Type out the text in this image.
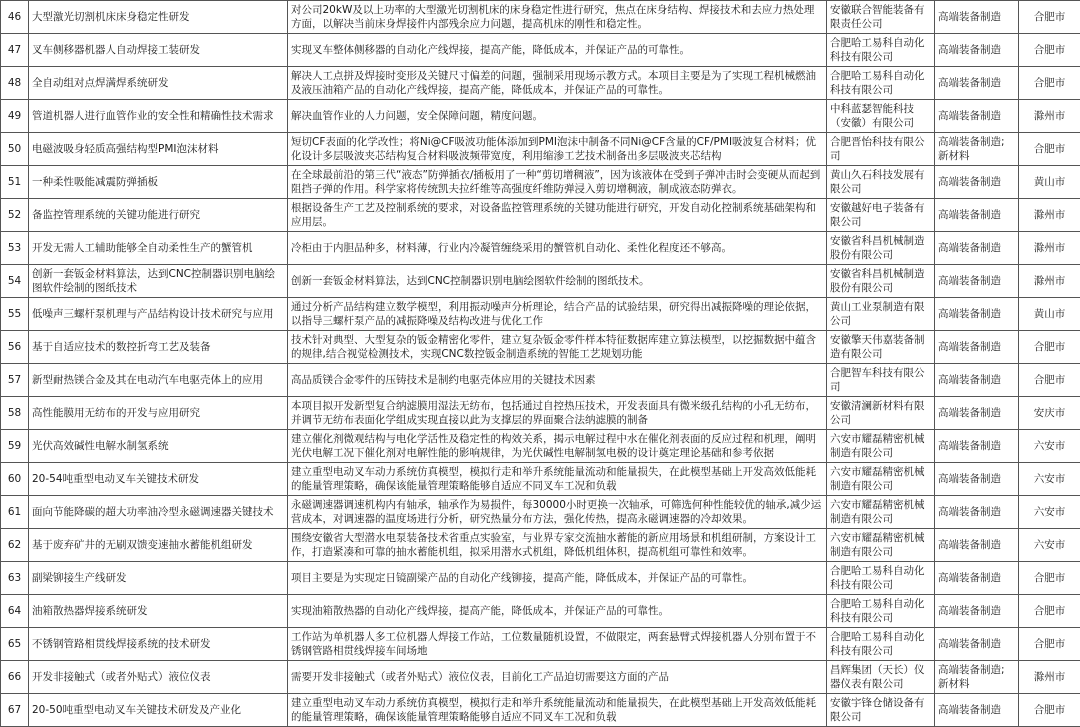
46	大型激光切割机床床身稳定性研发	对公司20kW及以上功率的大型激光切割机床的床身稳定性进行研究，焦点在床身结构、焊接技术和去应力热处理方面，以解决当前床身焊接件内部残余应力问题，提高机床的刚性和稳定性。	安徽联合智能装备有限责任公司	高端装备制造	合肥市
47	叉车侧移器机器人自动焊接工装研发	实现叉车整体侧移器的自动化产线焊接，提高产能，降低成本，并保证产品的可靠性。	合肥哈工易科自动化科技有限公司	高端装备制造	合肥市
48	全自动组对点焊满焊系统研发	解决人工点拼及焊接时变形及关键尺寸偏差的问题，强制采用现场示教方式。本项目主要是为了实现工程机械燃油及液压油箱产品的自动化产线焊接，提高产能，降低成本，并保证产品的可靠性。	合肥哈工易科自动化科技有限公司	高端装备制造	合肥市
49	管道机器人进行血管作业的安全性和精确性技术需求	解决血管作业的人力问题，安全保障问题，精度问题。	中科蓝瑟智能科技（安徽）有限公司	高端装备制造	滁州市
50	电磁波吸身轻质高强结构型PMI泡沫材料	短切CF表面的化学改性；将Ni@CF吸波功能体添加到PMI泡沫中制备不同Ni@CF含量的CF/PMI吸波复合材料；优化设计多层吸波夹芯结构复合材料吸波频带宽度，利用缩渗工艺技术制备出多层吸波夹芯结构	合肥晋怡科技有限公司	高端装备制造;新材料	合肥市
51	一种柔性吸能减震防弹插板	在全球最前沿的第三代“液态”防弹插衣/插板用了一种“剪切增稠液”，因为该液体在受到子弹冲击时会变硬从而起到阻挡子弹的作用。科学家将传统凯夫拉纤维等高强度纤维防弹浸入剪切增稠液，制成液态防弹衣。	黄山久石科技发展有限公司	高端装备制造	黄山市
52	备监控管理系统的关键功能进行研究	根据设备生产工艺及控制系统的要求，对设备监控管理系统的关键功能进行研究，开发自动化控制系统基础架构和应用层。	安徽越好电子装备有限公司	高端装备制造	滁州市
53	开发无需人工辅助能够全自动柔性生产的蟹管机	冷柜由于内胆品种多，材料薄，行业内冷凝管缠绕采用的蟹管机自动化、柔性化程度还不够高。	安徽省科昌机械制造股份有限公司	高端装备制造	滁州市
54	创新一套钣金材料算法，达到CNC控制器识别电脑绘图软件绘制的图纸技术	创新一套钣金材料算法，达到CNC控制器识别电脑绘图软件绘制的图纸技术。	安徽省科昌机械制造股份有限公司	高端装备制造	滁州市
55	低噪声三螺杆泵机理与产品结构设计技术研究与应用	通过分析产品结构建立数学模型，利用振动噪声分析理论，结合产品的试验结果，研究得出减振降噪的理论依据，以指导三螺杆泵产品的减振降噪及结构改进与优化工作	黄山工业泵制造有限公司	高端装备制造	黄山市
56	基于自适应技术的数控折弯工艺及装备	技术针对典型、大型复杂的钣金精密化零件，建立复杂钣金零件样本特征数据库建立算法模型，以挖掘数据中蕴含的规律,结合视觉检测技术，实现CNC数控钣金制造系统的智能工艺规划功能	安徽擎天伟嘉装备制造有限公司	高端装备制造	合肥市
57	新型耐热镁合金及其在电动汽车电驱壳体上的应用	高品质镁合金零件的压铸技术是制约电驱壳体应用的关键技术因素	合肥智车科技有限公司	高端装备制造	合肥市
58	高性能膜用无纺布的开发与应用研究	本项目拟开发新型复合纳滤膜用湿法无纺布，包括通过自控热压技术，开发表面具有微米级孔结构的小孔无纺布，并调节无纺布表面化学组成实现直接以此为支撑层的界面聚合法纳滤膜的制备	安徽清澜新材料有限公司	高端装备制造	安庆市
59	光伏高效碱性电解水制氢系统	建立催化剂微观结构与电化学活性及稳定性的构效关系，揭示电解过程中水在催化剂表面的反应过程和机理，阐明光伏电解工况下催化剂对电解性能的影响规律，为光伏碱性电解制氢电极的设计奠定理论基础和参考依据	六安市耀磊精密机械制造有限公司	高端装备制造	六安市
60	20-54吨重型电动叉车关键技术研发	建立重型电动叉车动力系统仿真模型，模拟行走和举升系统能量流动和能量损失，在此模型基础上开发高效低能耗的能量管理策略，确保该能量管理策略能够自适应不同叉车工况和负载	六安市耀磊精密机械制造有限公司	高端装备制造	六安市
61	面向节能降碳的超大功率油冷型永磁调速器关键技术	永磁调速器调速机构内有轴承，轴承作为易损件，每30000小时更换一次轴承，可筛选何种性能较优的轴承,减少运营成本，对调速器的温度场进行分析，研究热量分布方法，强化传热，提高永磁调速器的冷却效果。	六安市耀磊精密机械制造有限公司	高端装备制造	六安市
62	基于废弃矿井的无刷双馈变速抽水蓄能机组研发	围绕安徽省大型潜水电泵装备技术省重点实验室，与业界专家交流抽水蓄能的新应用场景和机组研制，方案设计工作，打造紧凑和可靠的抽水蓄能机组，拟采用潜水式机组，降低机组体积，提高机组可靠性和效率。	六安市耀磊精密机械制造有限公司	高端装备制造	六安市
63	副梁铆接生产线研发	项目主要是为实现定日镜副梁产品的自动化产线铆接，提高产能，降低成本，并保证产品的可靠性。	合肥哈工易科自动化科技有限公司	高端装备制造	合肥市
64	油箱散热器焊接系统研发	实现油箱散热器的自动化产线焊接，提高产能，降低成本，并保证产品的可靠性。	合肥哈工易科自动化科技有限公司	高端装备制造	合肥市
65	不锈钢管路相贯线焊接系统的技术研发	工作站为单机器人多工位机器人焊接工作站，工位数量随机设置，不做限定，两套悬臂式焊接机器人分别布置于不锈钢管路相贯线焊接车间场地	合肥哈工易科自动化科技有限公司	高端装备制造	合肥市
66	开发非接触式（或者外贴式）液位仪表	需要开发非接触式（或者外贴式）液位仪表，目前化工产品迫切需要这方面的产品	昌辉集团（天长）仪器仪表有限公司	高端装备制造;新材料	滁州市
67	20-50吨重型电动叉车关键技术研发及产业化	建立重型电动叉车动力系统仿真模型，模拟行走和举升系统能量流动和能量损失，在此模型基础上开发高效低能耗的能量管理策略，确保该能量管理策略能够自适应不同叉车工况和负载	安徽宇锋仓储设备有限公司	高端装备制造	合肥市
